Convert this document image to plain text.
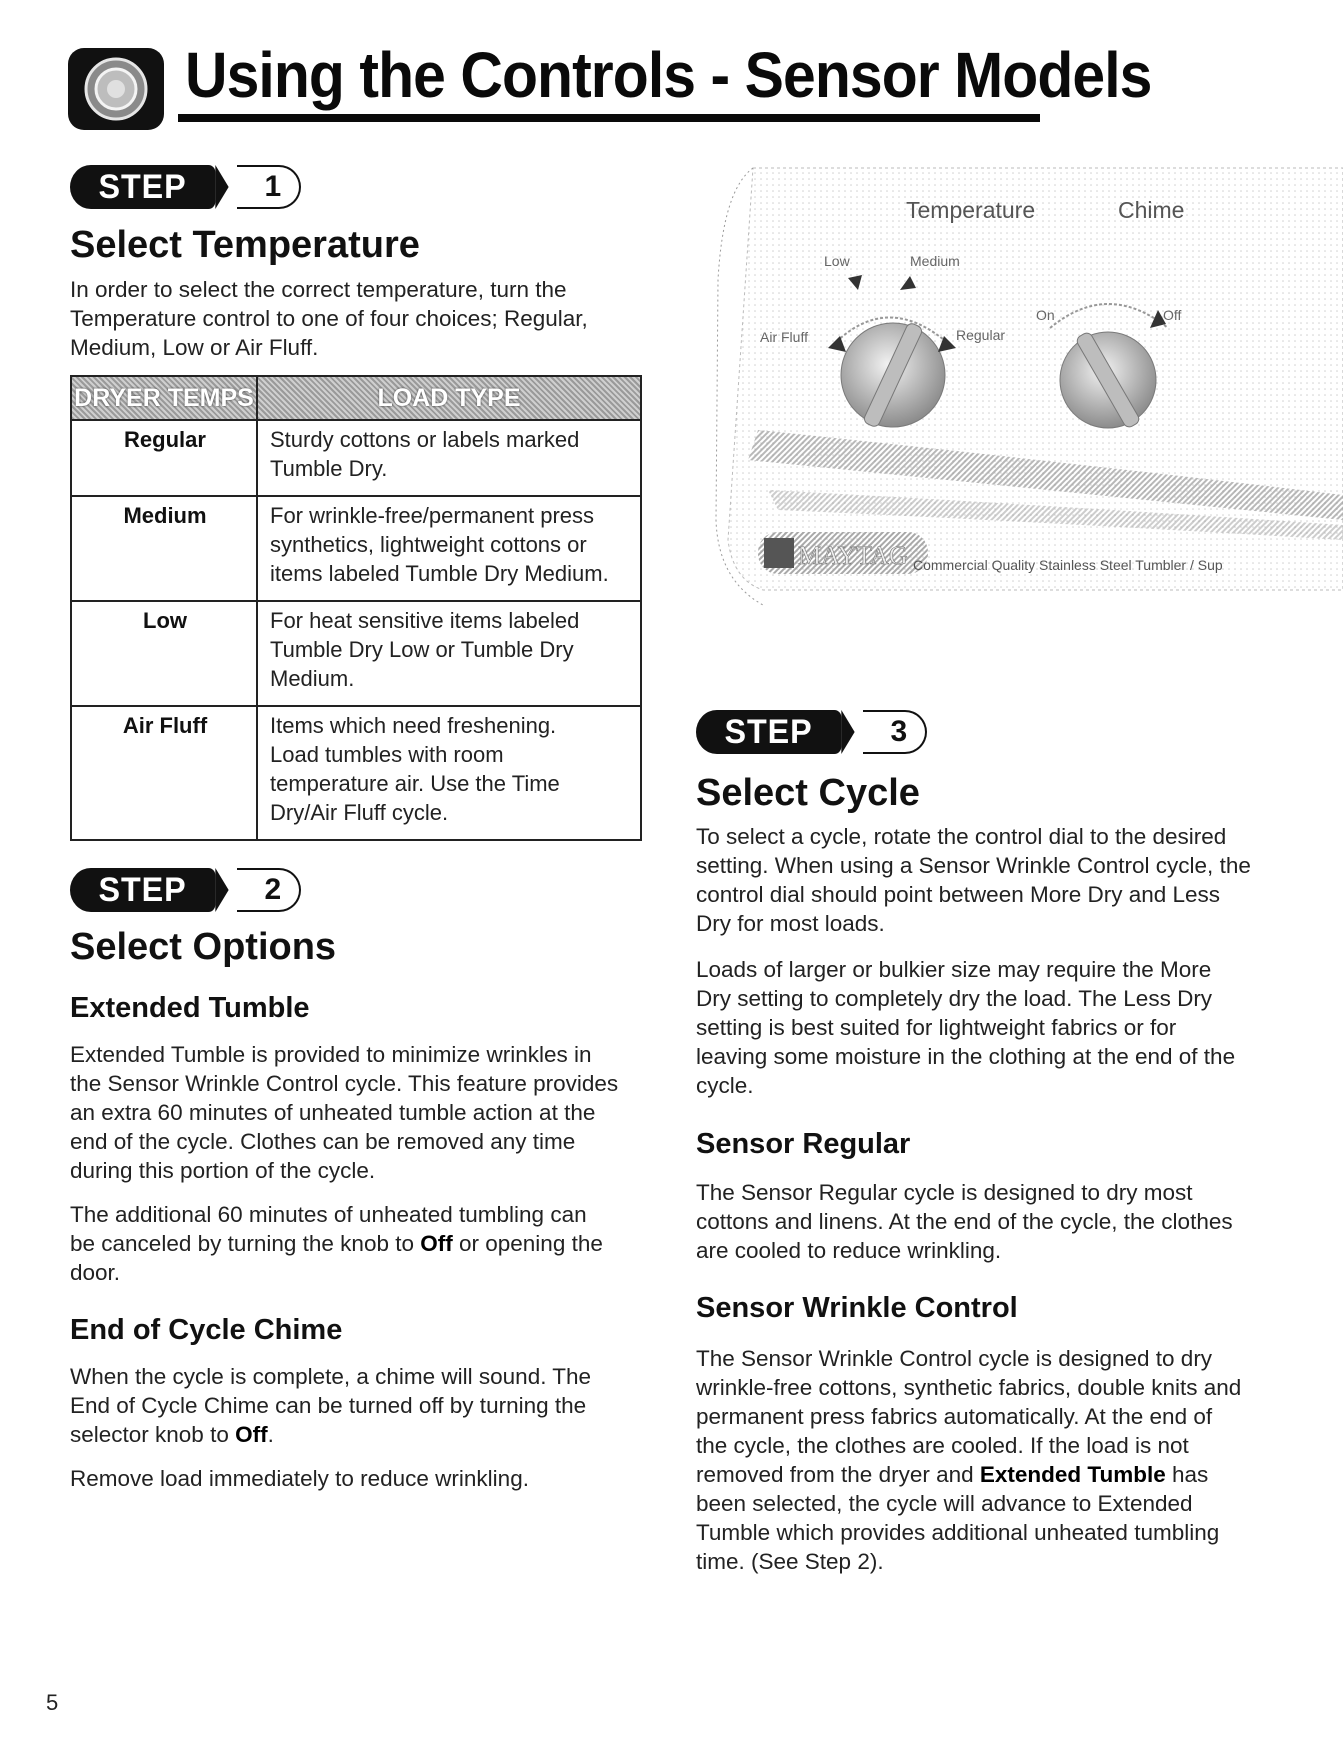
Using the Controls - Sensor Models
STEP	1
Select Temperature

In order to select the correct temperature, turn the
Temperature control to one of four choices; Regular,
Medium, Low or Air Fluff.

DRYER TEMPS	LOAD TYPE
Regular	Sturdy cottons or labels marked
Tumble Dry.
Medium	For wrinkle-free/permanent press
synthetics, lightweight cottons or
items labeled Tumble Dry Medium.
Low	For heat sensitive items labeled
Tumble Dry Low or Tumble Dry
Medium.
Air Fluff	Items which need freshening.
Load tumbles with room
temperature air. Use the Time
Dry/Air Fluff cycle.
STEP	2
Select Options
Extended Tumble

Extended Tumble is provided to minimize wrinkles in
the Sensor Wrinkle Control cycle. This feature provides
an extra 60 minutes of unheated tumble action at the
end of the cycle. Clothes can be removed any time
during this portion of the cycle.

The additional 60 minutes of unheated tumbling can
be canceled by turning the knob to Off or opening the
door.

End of Cycle Chime

When the cycle is complete, a chime will sound. The
End of Cycle Chime can be turned off by turning the
selector knob to Off.

Remove load immediately to reduce wrinkling.

Temperature	Chime
Low	Medium
Air Fluff	Regular
On	Off
MAYTAG Commercial Quality Stainless Steel Tumbler / Sup
STEP	3
Select Cycle

To select a cycle, rotate the control dial to the desired
setting. When using a Sensor Wrinkle Control cycle, the
control dial should point between More Dry and Less
Dry for most loads.

Loads of larger or bulkier size may require the More
Dry setting to completely dry the load. The Less Dry
setting is best suited for lightweight fabrics or for
leaving some moisture in the clothing at the end of the
cycle.

Sensor Regular

The Sensor Regular cycle is designed to dry most
cottons and linens. At the end of the cycle, the clothes
are cooled to reduce wrinkling.

Sensor Wrinkle Control

The Sensor Wrinkle Control cycle is designed to dry
wrinkle-free cottons, synthetic fabrics, double knits and
permanent press fabrics automatically. At the end of
the cycle, the clothes are cooled. If the load is not
removed from the dryer and Extended Tumble has
been selected, the cycle will advance to Extended
Tumble which provides additional unheated tumbling
time. (See Step 2).

5
